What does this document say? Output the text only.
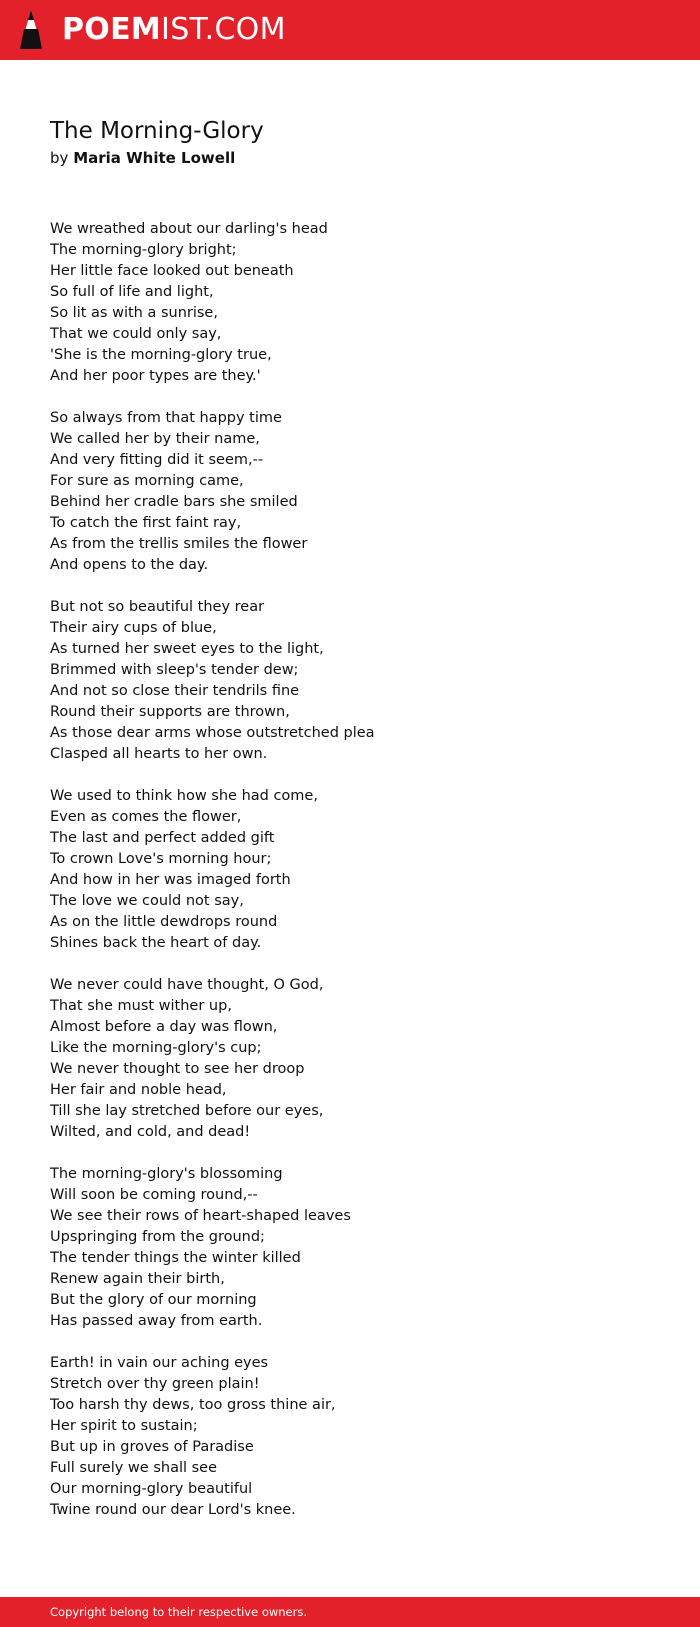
POEMIST.COM
The Morning-Glory

by Maria White Lowell

We wreathed about our darling's head
The morning-glory bright;
Her little face looked out beneath
So full of life and light,
So lit as with a sunrise,
That we could only say,
'She is the morning-glory true,
And her poor types are they.'
So always from that happy time
We called her by their name,
And very fitting did it seem,--
For sure as morning came,
Behind her cradle bars she smiled
To catch the first faint ray,
As from the trellis smiles the flower
And opens to the day.
But not so beautiful they rear
Their airy cups of blue,
As turned her sweet eyes to the light,
Brimmed with sleep's tender dew;
And not so close their tendrils fine
Round their supports are thrown,
As those dear arms whose outstretched plea
Clasped all hearts to her own.
We used to think how she had come,
Even as comes the flower,
The last and perfect added gift
To crown Love's morning hour;
And how in her was imaged forth
The love we could not say,
As on the little dewdrops round
Shines back the heart of day.
We never could have thought, O God,
That she must wither up,
Almost before a day was flown,
Like the morning-glory's cup;
We never thought to see her droop
Her fair and noble head,
Till she lay stretched before our eyes,
Wilted, and cold, and dead!
The morning-glory's blossoming
Will soon be coming round,--
We see their rows of heart-shaped leaves
Upspringing from the ground;
The tender things the winter killed
Renew again their birth,
But the glory of our morning
Has passed away from earth.
Earth! in vain our aching eyes
Stretch over thy green plain!
Too harsh thy dews, too gross thine air,
Her spirit to sustain;
But up in groves of Paradise
Full surely we shall see
Our morning-glory beautiful
Twine round our dear Lord's knee.
Copyright belong to their respective owners.
